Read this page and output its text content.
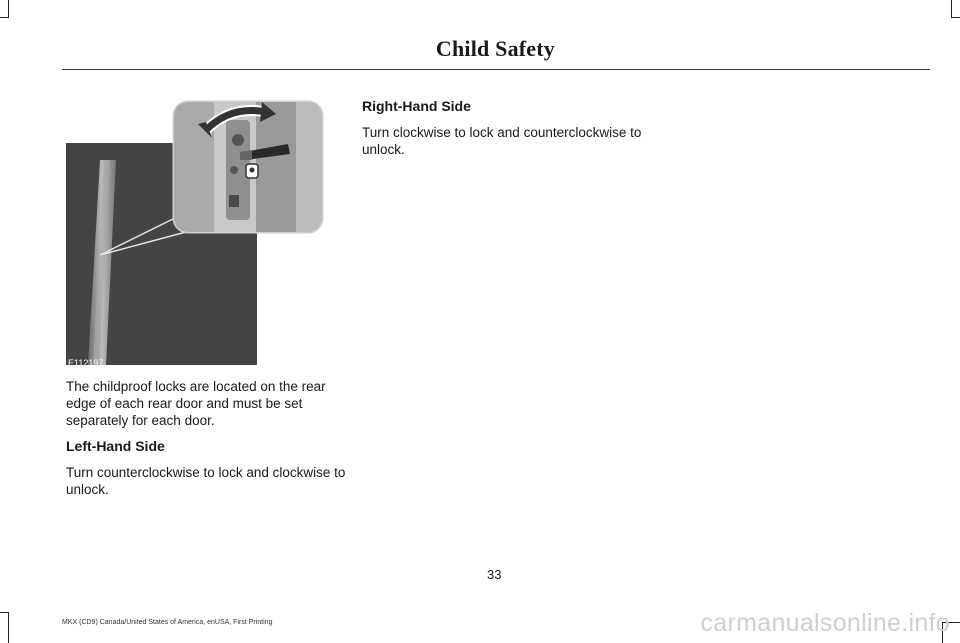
Child Safety
E112197
The childproof locks are located on the rear edge of each rear door and must be set separately for each door.
Left-Hand Side
Turn counterclockwise to lock and clockwise to unlock.
Right-Hand Side
Turn clockwise to lock and counterclockwise to unlock.
33
MKX (CD9) Canada/United States of America, enUSA, First Printing	carmanualsonline.info
